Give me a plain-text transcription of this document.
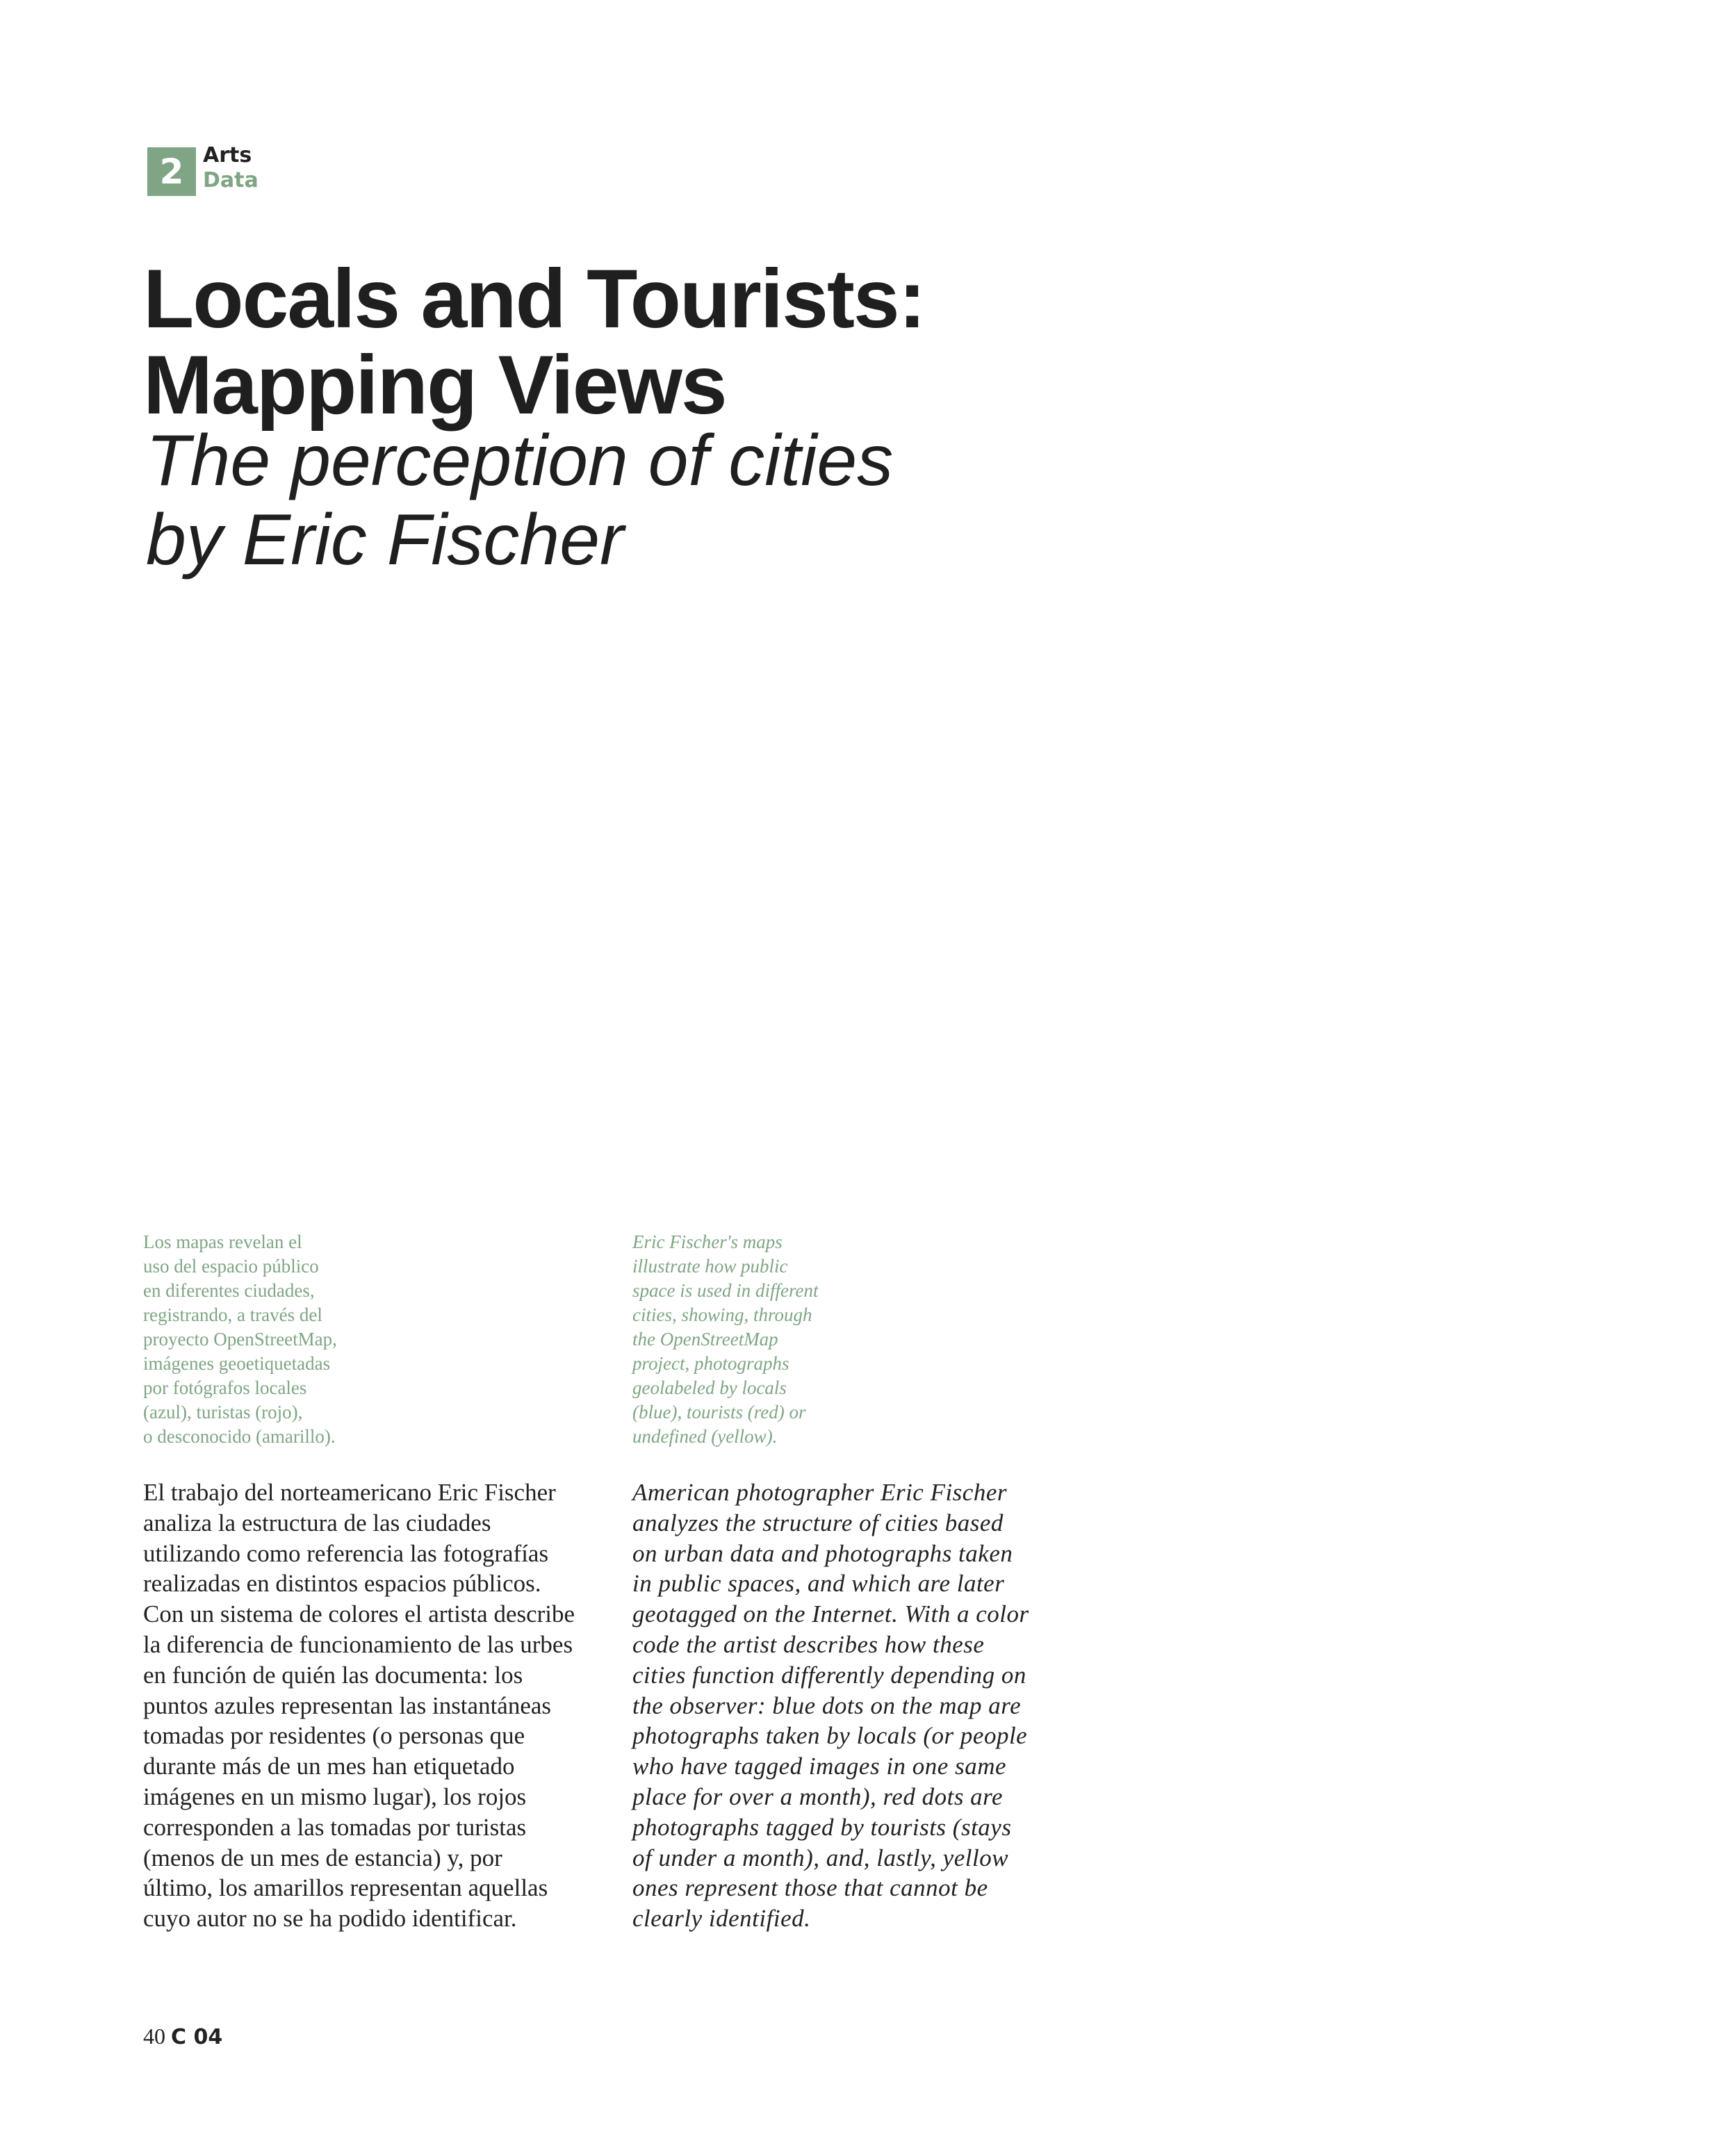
2 Arts
Data
Locals and Tourists:
Mapping Views
The perception of cities
by Eric Fischer

Los mapas revelan el
uso del espacio público
en diferentes ciudades,
registrando, a través del
proyecto OpenStreetMap,
imágenes geoetiquetadas
por fotógrafos locales
(azul), turistas (rojo),
o desconocido (amarillo).

Eric Fischer's maps
illustrate how public
space is used in different
cities, showing, through
the OpenStreetMap
project, photographs
geolabeled by locals
(blue), tourists (red) or
undefined (yellow).

El trabajo del norteamericano Eric Fischer
analiza la estructura de las ciudades
utilizando como referencia las fotografías
realizadas en distintos espacios públicos.
Con un sistema de colores el artista describe
la diferencia de funcionamiento de las urbes
en función de quién las documenta: los
puntos azules representan las instantáneas
tomadas por residentes (o personas que
durante más de un mes han etiquetado
imágenes en un mismo lugar), los rojos
corresponden a las tomadas por turistas
(menos de un mes de estancia) y, por
último, los amarillos representan aquellas
cuyo autor no se ha podido identificar.

American photographer Eric Fischer
analyzes the structure of cities based
on urban data and photographs taken
in public spaces, and which are later
geotagged on the Internet. With a color
code the artist describes how these
cities function differently depending on
the observer: blue dots on the map are
photographs taken by locals (or people
who have tagged images in one same
place for over a month), red dots are
photographs tagged by tourists (stays
of under a month), and, lastly, yellow
ones represent those that cannot be
clearly identified.

40 C 04
